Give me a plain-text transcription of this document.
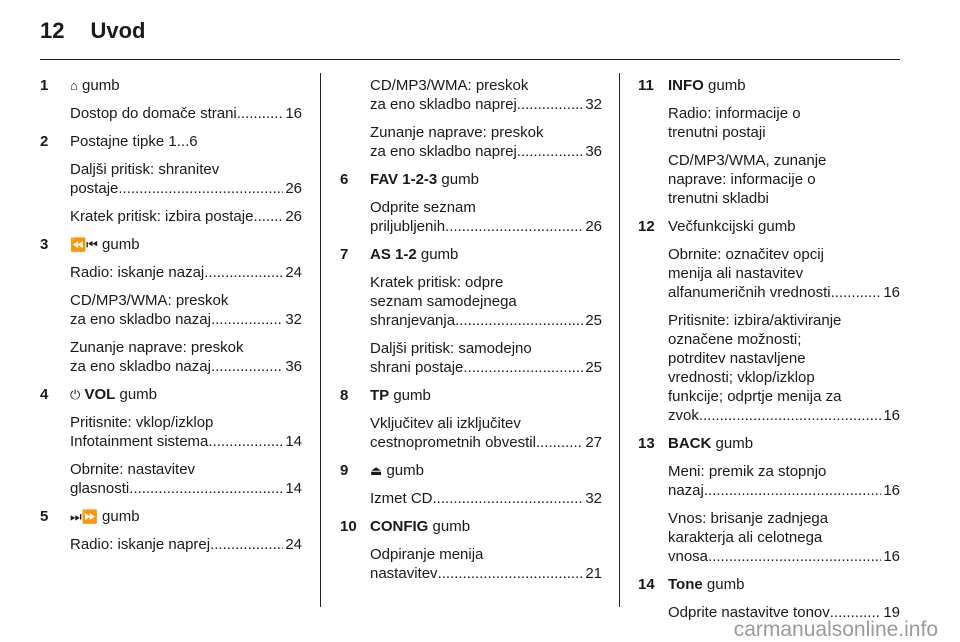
12 Uvod
1	⌂ gumb
Dostop do domače strani .....	16
2	Postajne tipke 1...6
Daljši pritisk: shranitev
postaje .....	26
Kratek pritisk: izbira postaje ..... 26
3	⏪⏮ gumb
Radio: iskanje nazaj .....	24
CD/MP3/WMA: preskok
za eno skladbo nazaj .....	32
Zunanje naprave: preskok
za eno skladbo nazaj .....	36
4	⏻ VOL gumb
Pritisnite: vklop/izklop
Infotainment sistema .....	14
Obrnite: nastavitev
glasnosti .....	14
5	⏭⏩ gumb
Radio: iskanje naprej .....	24
CD/MP3/WMA: preskok
za eno skladbo naprej .....	32
Zunanje naprave: preskok
za eno skladbo naprej .....	36
6	FAV 1-2-3 gumb
Odprite seznam
priljubljenih .....	26
7	AS 1-2 gumb
Kratek pritisk: odpre
seznam samodejnega
shranjevanja .....	25
Daljši pritisk: samodejno
shrani postaje .....	25
8	TP gumb
Vključitev ali izključitev
cestnoprometnih obvestil .....	27
9	⏏ gumb
Izmet CD .....	32
10 CONFIG gumb
Odpiranje menija
nastavitev .....	21
11 INFO gumb
Radio: informacije o
trenutni postaji
CD/MP3/WMA, zunanje
naprave: informacije o
trenutni skladbi
12 Večfunkcijski gumb
Obrnite: označitev opcij
menija ali nastavitev
alfanumeričnih vrednosti .....	16
Pritisnite: izbira/aktiviranje
označene možnosti;
potrditev nastavljene
vrednosti; vklop/izklop
funkcije; odprtje menija za
zvok .....	16
13 BACK gumb
Meni: premik za stopnjo
nazaj .....	16
Vnos: brisanje zadnjega
karakterja ali celotnega
vnosa .....	16
14 Tone gumb
Odprite nastavitve tonov .....	19
carmanualsonline.info
